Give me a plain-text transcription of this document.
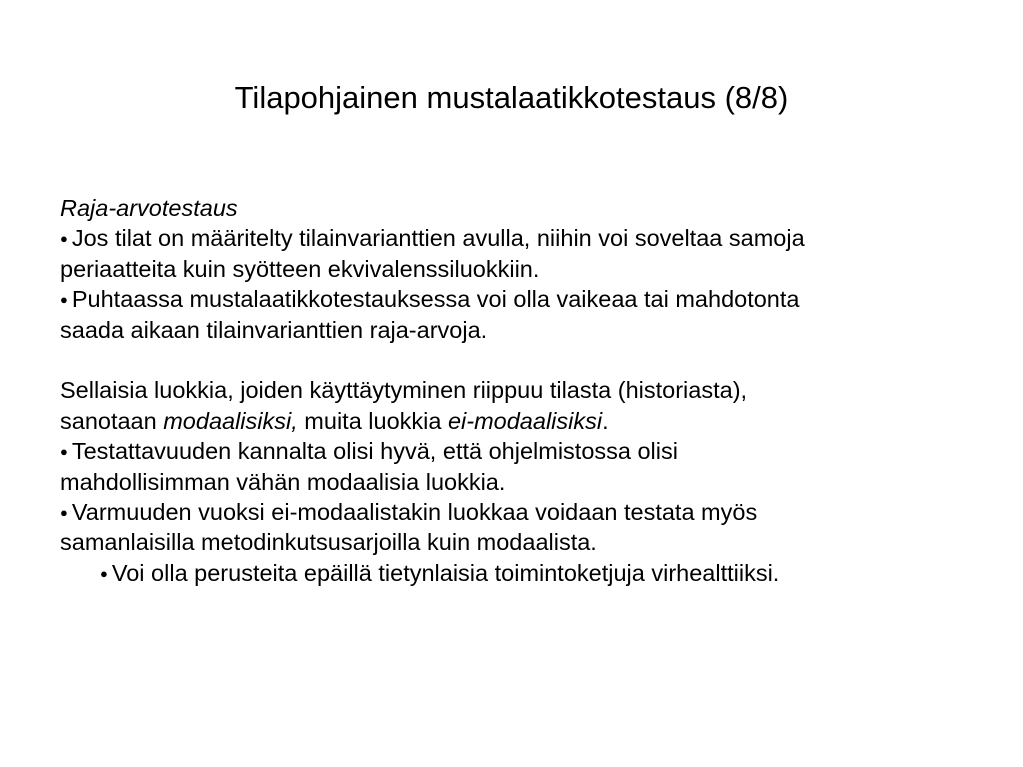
Tilapohjainen mustalaatikkotestaus (8/8)
Raja-arvotestaus
● Jos tilat on määritelty tilainvarianttien avulla, niihin voi soveltaa samoja
periaatteita kuin syötteen ekvivalenssiluokkiin.
● Puhtaassa mustalaatikkotestauksessa voi olla vaikeaa tai mahdotonta
saada aikaan tilainvarianttien raja-arvoja.
Sellaisia luokkia, joiden käyttäytyminen riippuu tilasta (historiasta),
sanotaan modaalisiksi, muita luokkia ei-modaalisiksi.
● Testattavuuden kannalta olisi hyvä, että ohjelmistossa olisi
mahdollisimman vähän modaalisia luokkia.
● Varmuuden vuoksi ei-modaalistakin luokkaa voidaan testata myös
samanlaisilla metodinkutsusarjoilla kuin modaalista.
● Voi olla perusteita epäillä tietynlaisia toimintoketjuja virhealttiiksi.
